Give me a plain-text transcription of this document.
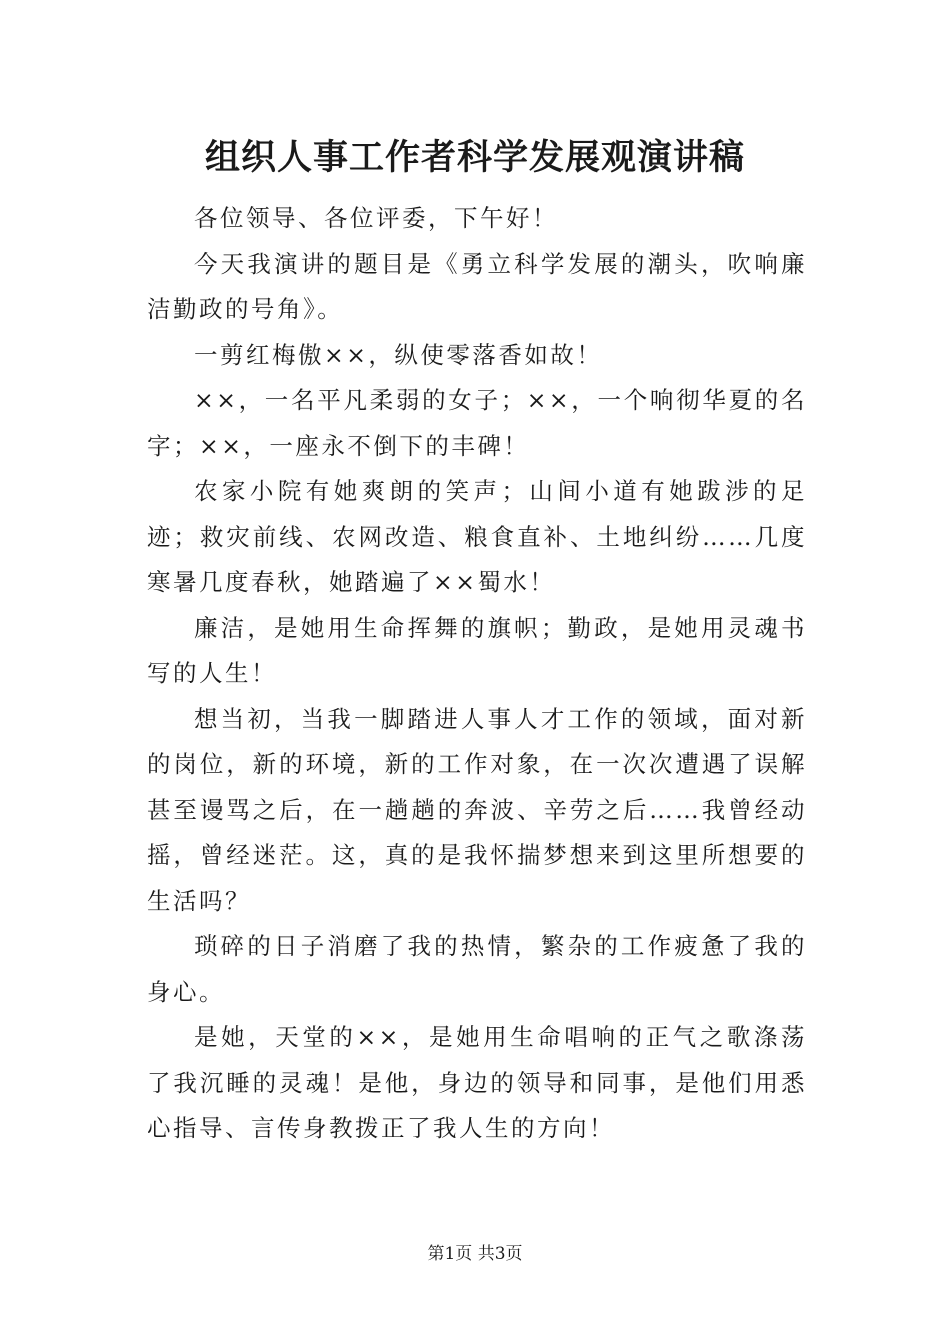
组织人事工作者科学发展观演讲稿

各位领导、各位评委，下午好！

今天我演讲的题目是《勇立科学发展的潮头，吹响廉洁勤政的号角》。

一剪红梅傲××，纵使零落香如故！

××，一名平凡柔弱的女子；××，一个响彻华夏的名字；××，一座永不倒下的丰碑！

农家小院有她爽朗的笑声；山间小道有她跋涉的足迹；救灾前线、农网改造、粮食直补、土地纠纷……几度寒暑几度春秋，她踏遍了××蜀水！

廉洁，是她用生命挥舞的旗帜；勤政，是她用灵魂书写的人生！

想当初，当我一脚踏进人事人才工作的领域，面对新的岗位，新的环境，新的工作对象，在一次次遭遇了误解甚至谩骂之后，在一趟趟的奔波、辛劳之后……我曾经动摇，曾经迷茫。这，真的是我怀揣梦想来到这里所想要的生活吗？

琐碎的日子消磨了我的热情，繁杂的工作疲惫了我的身心。

是她，天堂的××，是她用生命唱响的正气之歌涤荡了我沉睡的灵魂！是他，身边的领导和同事，是他们用悉心指导、言传身教拨正了我人生的方向！

第1页 共3页
